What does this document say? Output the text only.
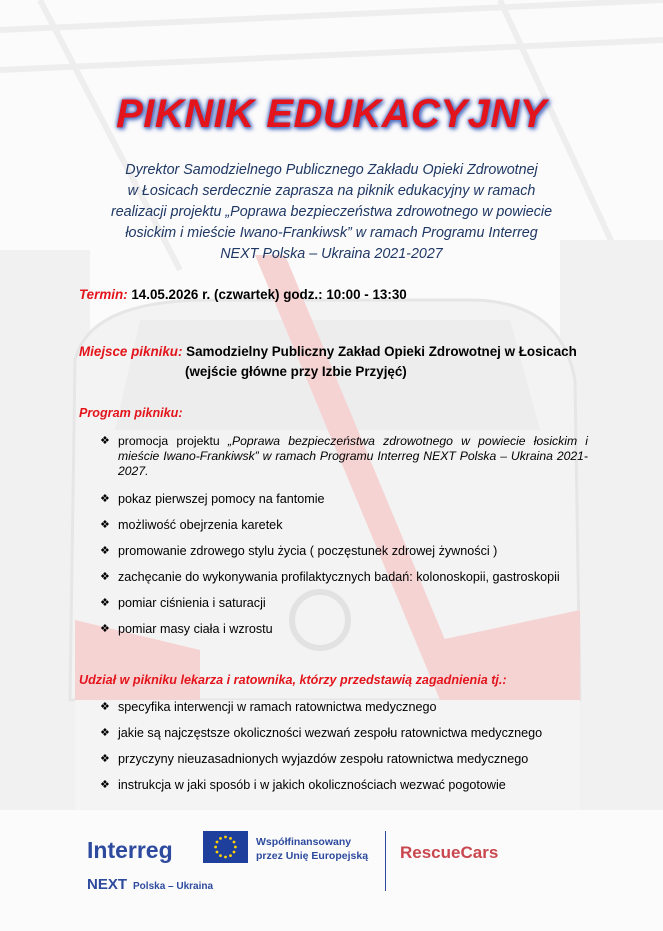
PIKNIK EDUKACYJNY
Dyrektor Samodzielnego Publicznego Zakładu Opieki Zdrowotnej
w Łosicach serdecznie zaprasza na piknik edukacyjny w ramach
realizacji projektu „Poprawa bezpieczeństwa zdrowotnego w powiecie
łosickim i mieście Iwano-Frankiwsk” w ramach Programu Interreg
NEXT Polska – Ukraina 2021-2027
Termin: 14.05.2026 r. (czwartek) godz.: 10:00 - 13:30
Miejsce pikniku: Samodzielny Publiczny Zakład Opieki Zdrowotnej w Łosicach
(wejście główne przy Izbie Przyjęć)
Program pikniku:
❖
❖ pokaz pierwszej pomocy na fantomie
❖ możliwość obejrzenia karetek
❖ promowanie zdrowego stylu życia ( poczęstunek zdrowej żywności )
❖ zachęcanie do wykonywania profilaktycznych badań: kolonoskopii, gastroskopii
❖ pomiar ciśnienia i saturacji
❖ pomiar masy ciała i wzrostu
promocja projektu „Poprawa bezpieczeństwa zdrowotnego w powiecie łosickim i mieście Iwano-Frankiwsk” w ramach Programu Interreg NEXT Polska – Ukraina 2021-2027.
Udział w pikniku lekarza i ratownika, którzy przedstawią zagadnienia tj.:
❖ specyfika interwencji w ramach ratownictwa medycznego
❖ jakie są najczęstsze okoliczności wezwań zespołu ratownictwa medycznego
❖ przyczyny nieuzasadnionych wyjazdów zespołu ratownictwa medycznego
❖ instrukcja w jaki sposób i w jakich okolicznościach wezwać pogotowie
Interreg
NEXT Polska – Ukraina
Współfinansowany
przez Unię Europejską RescueCars
